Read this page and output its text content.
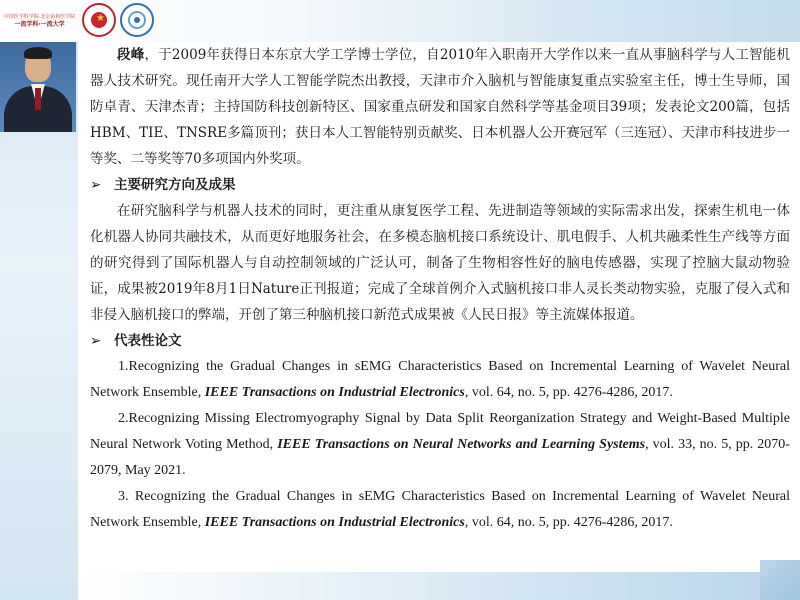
中国医学科学院·北京协和医学院
一流学科·一流大学
★

段峰，于2009年获得日本东京大学工学博士学位，自2010年入职南开大学作以来一直从事脑科学与人工智能机器人技术研究。现任南开大学人工智能学院杰出教授，天津市介入脑机与智能康复重点实验室主任，博士生导师，国防卓青、天津杰青；主持国防科技创新特区、国家重点研发和国家自然科学等基金项目39项；发表论文200篇，包括HBM、TIE、TNSRE多篇顶刊；获日本人工智能特别贡献奖、日本机器人公开赛冠军（三连冠）、天津市科技进步一等奖、二等奖等70多项国内外奖项。

➢ 主要研究方向及成果

在研究脑科学与机器人技术的同时，更注重从康复医学工程、先进制造等领域的实际需求出发，探索生机电一体化机器人协同共融技术，从而更好地服务社会，在多模态脑机接口系统设计、肌电假手、人机共融柔性生产线等方面的研究得到了国际机器人与自动控制领域的广泛认可，制备了生物相容性好的脑电传感器，实现了控脑大鼠动物验证，成果被2019年8月1日Nature正刊报道；完成了全球首例介入式脑机接口非人灵长类动物实验，克服了侵入式和非侵入脑机接口的弊端，开创了第三种脑机接口新范式成果被《人民日报》等主流媒体报道。

➢ 代表性论文

1.Recognizing the Gradual Changes in sEMG Characteristics Based on Incremental Learning of Wavelet Neural Network Ensemble, IEEE Transactions on Industrial Electronics, vol. 64, no. 5, pp. 4276-4286, 2017.

2.Recognizing Missing Electromyography Signal by Data Split Reorganization Strategy and Weight-Based Multiple Neural Network Voting Method, IEEE Transactions on Neural Networks and Learning Systems, vol. 33, no. 5, pp. 2070-2079, May 2021.

3. Recognizing the Gradual Changes in sEMG Characteristics Based on Incremental Learning of Wavelet Neural Network Ensemble, IEEE Transactions on Industrial Electronics, vol. 64, no. 5, pp. 4276-4286, 2017.
